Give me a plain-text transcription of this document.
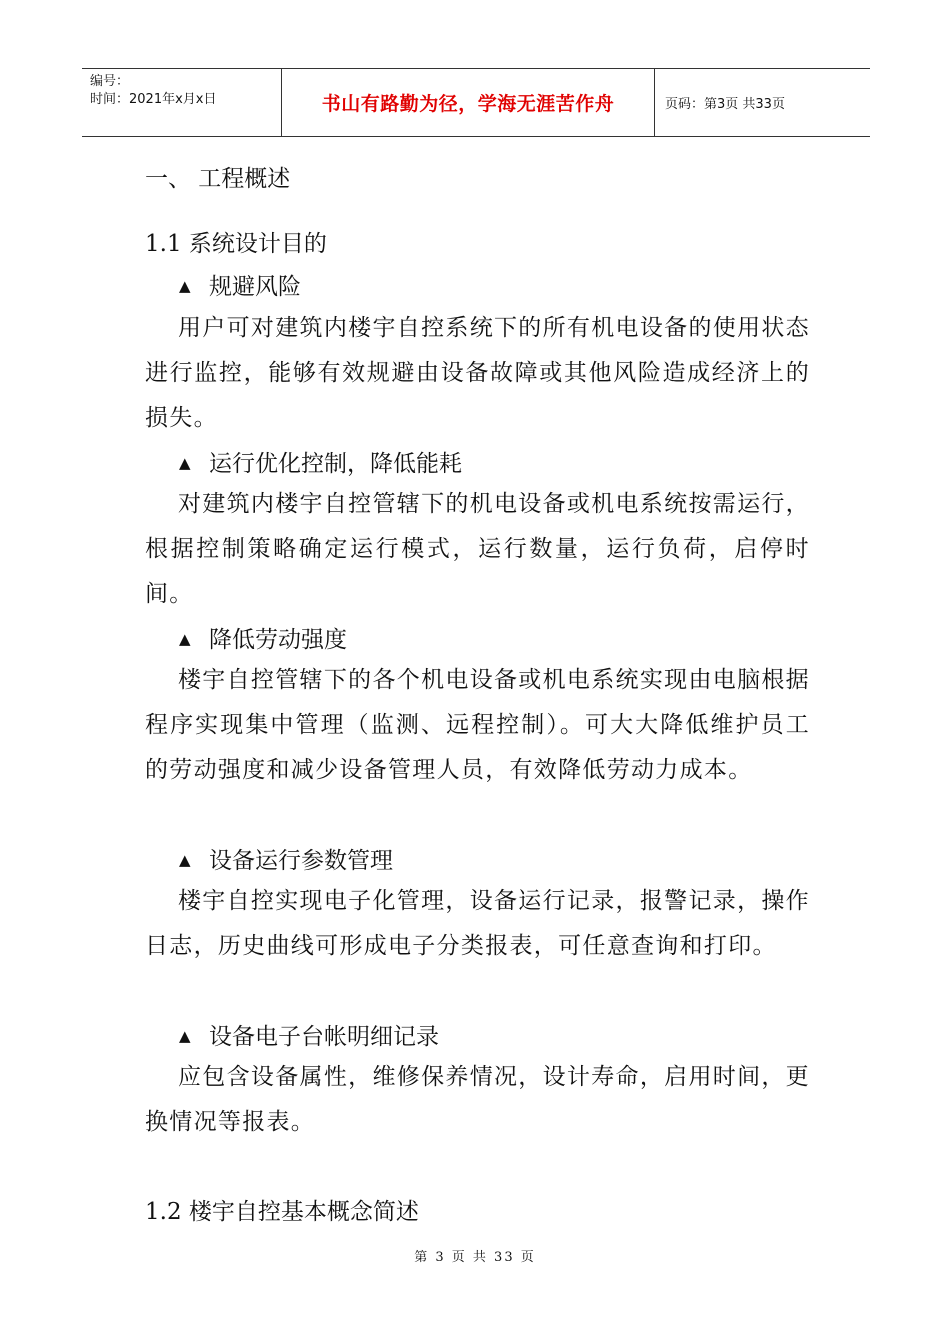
编号：
时间：2021年x月x日	书山有路勤为径，学海无涯苦作舟	页码：第3页 共33页
一、 工程概述
1.1 系统设计目的
▲ 规避风险
用户可对建筑内楼宇自控系统下的所有机电设备的使用状态进行监控，能够有效规避由设备故障或其他风险造成经济上的损失。
▲ 运行优化控制，降低能耗
对建筑内楼宇自控管辖下的机电设备或机电系统按需运行，根据控制策略确定运行模式，运行数量，运行负荷，启停时间。
▲ 降低劳动强度
楼宇自控管辖下的各个机电设备或机电系统实现由电脑根据程序实现集中管理（监测、远程控制）。可大大降低维护员工的劳动强度和减少设备管理人员，有效降低劳动力成本。
▲ 设备运行参数管理
楼宇自控实现电子化管理，设备运行记录，报警记录，操作日志，历史曲线可形成电子分类报表，可任意查询和打印。
▲ 设备电子台帐明细记录
应包含设备属性，维修保养情况，设计寿命，启用时间，更换情况等报表。
1.2 楼宇自控基本概念简述
第 3 页 共 33 页
